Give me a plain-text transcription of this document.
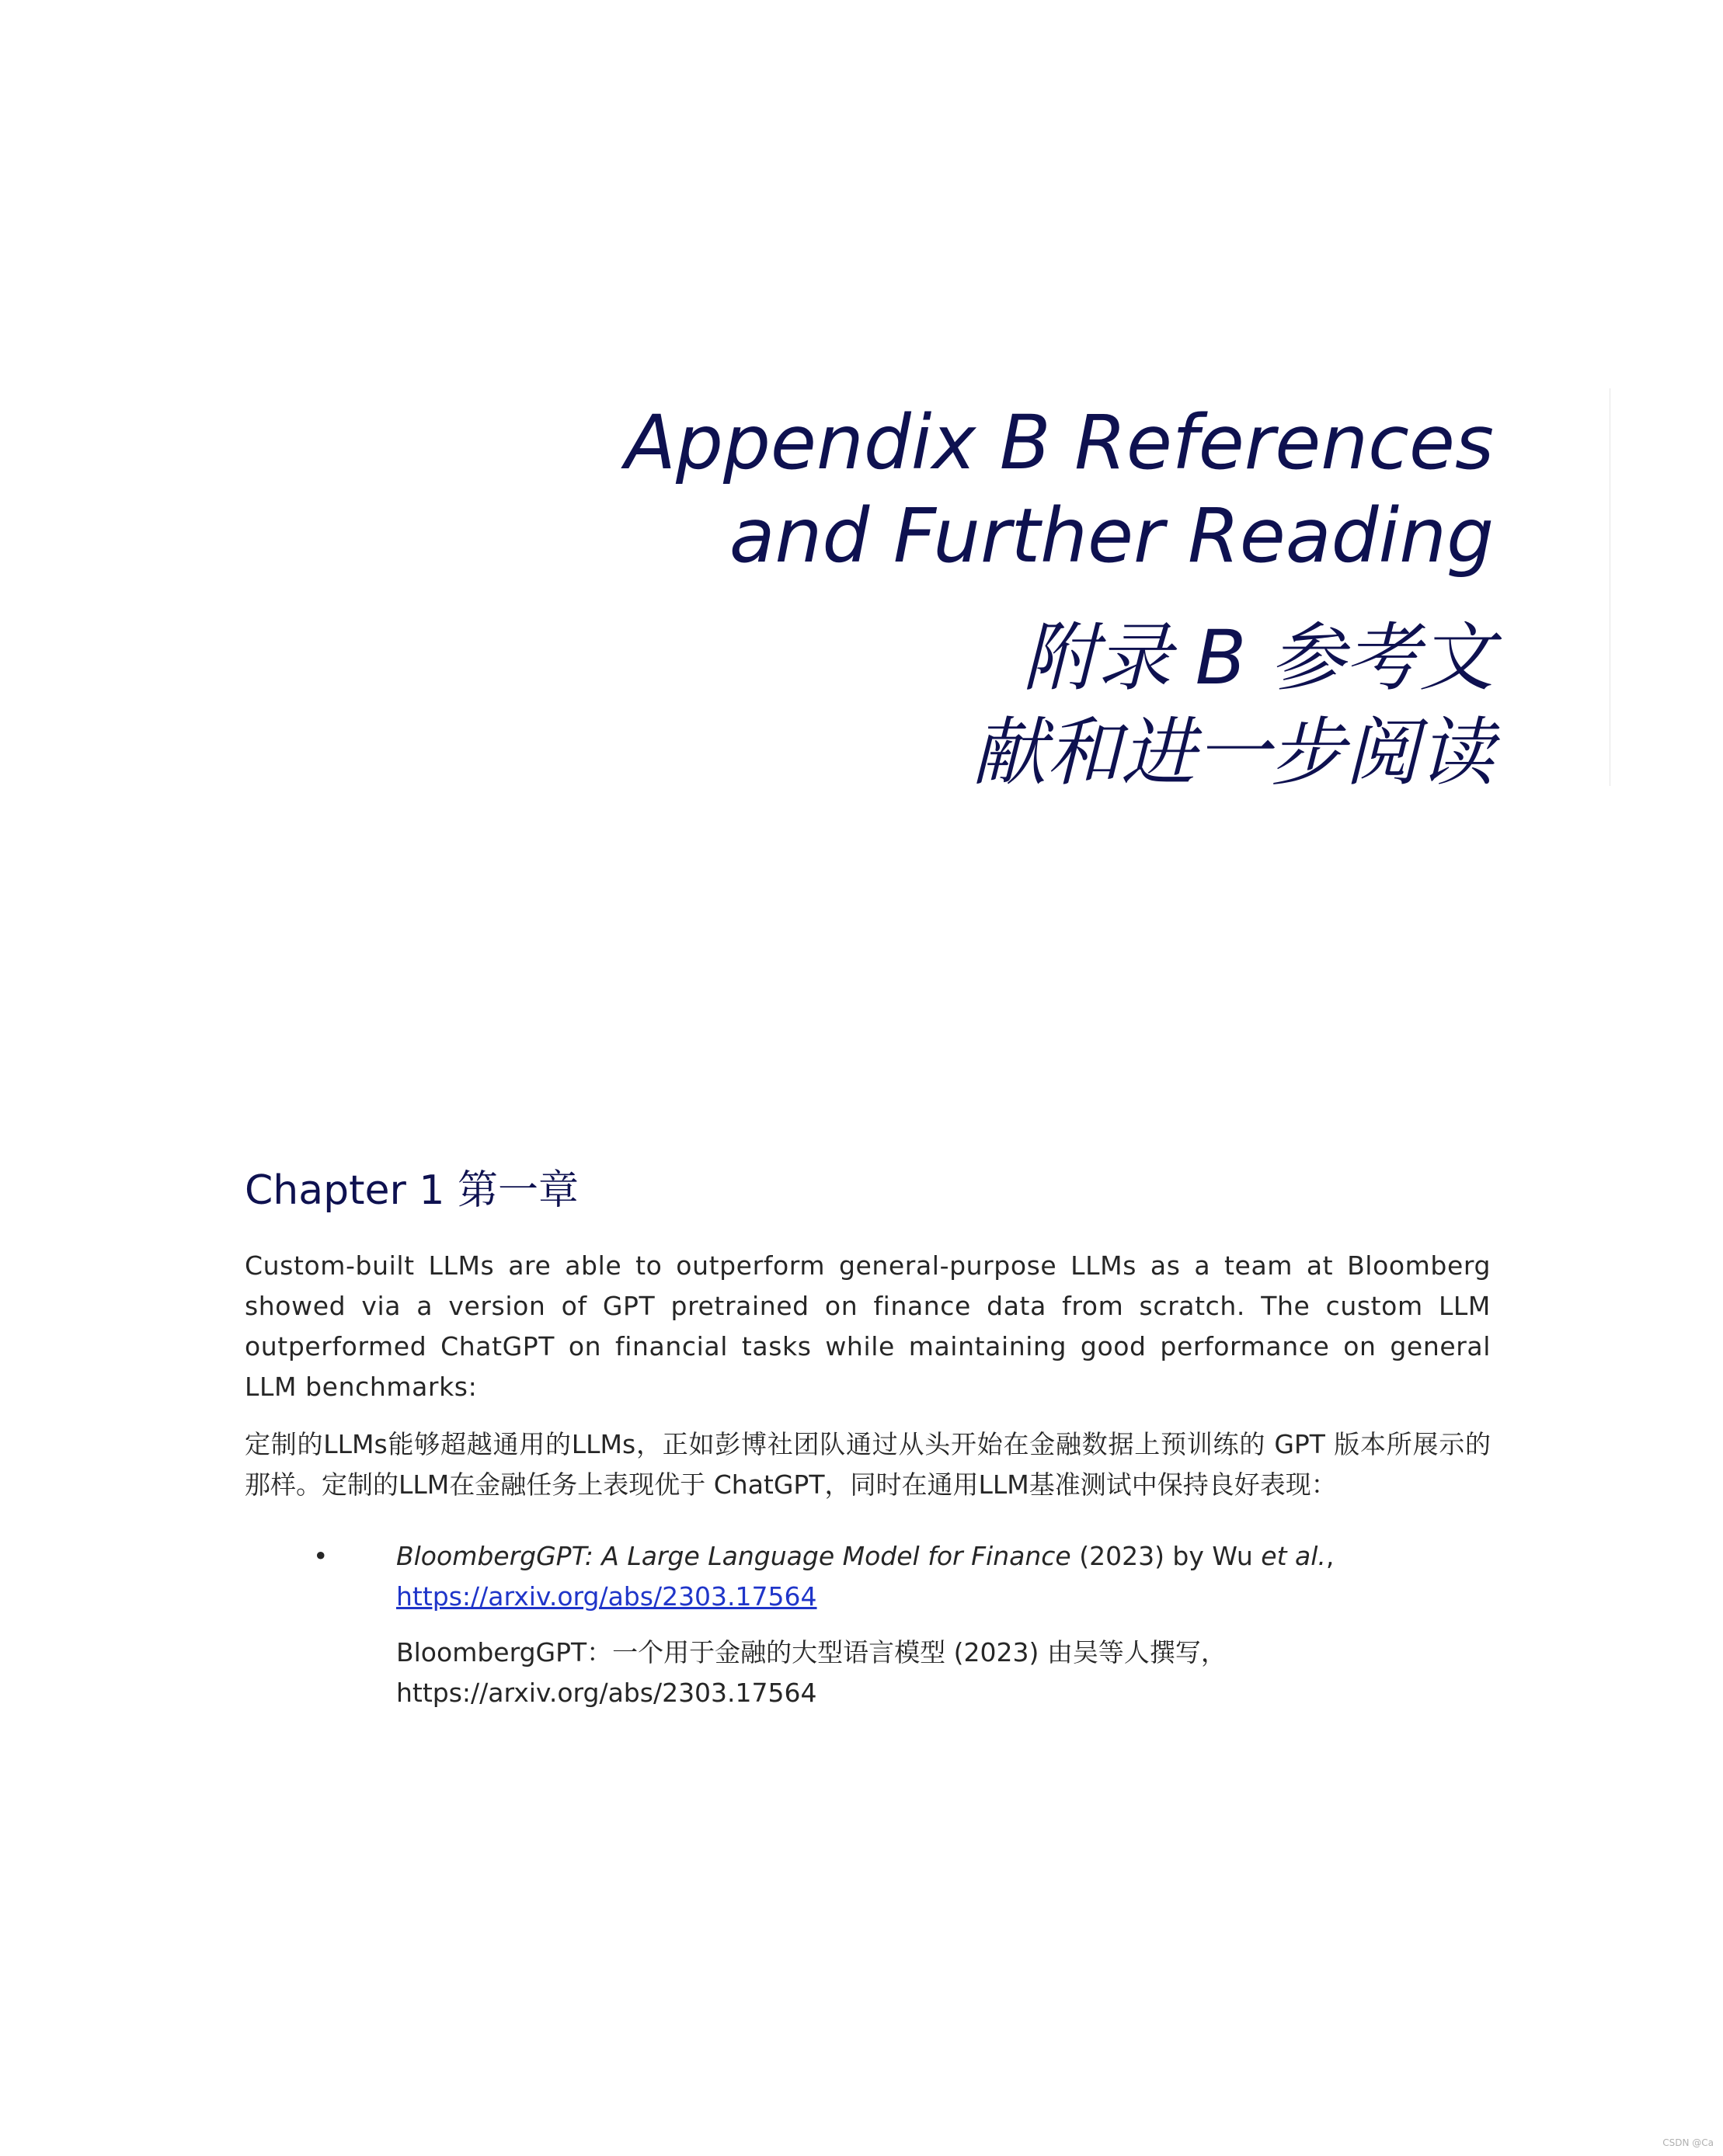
Appendix B References
and Further Reading
附录 B 参考文
献和进一步阅读
Chapter 1 第一章

Custom-built LLMs are able to outperform general-purpose LLMs as a team at Bloomberg showed via a version of GPT pretrained on finance data from scratch. The custom LLM outperformed ChatGPT on financial tasks while maintaining good performance on general LLM benchmarks:

定制的LLMs能够超越通用的LLMs，正如彭博社团队通过从头开始在金融数据上预训练的 GPT 版本所展示的那样。定制的LLM在金融任务上表现优于 ChatGPT，同时在通用LLM基准测试中保持良好表现：

•	BloombergGPT: A Large Language Model for Finance (2023) by Wu et al.,
https://arxiv.org/abs/2303.17564
BloombergGPT：一个用于金融的大型语言模型 (2023) 由吴等人撰写，
https://arxiv.org/abs/2303.17564
CSDN @Ca
